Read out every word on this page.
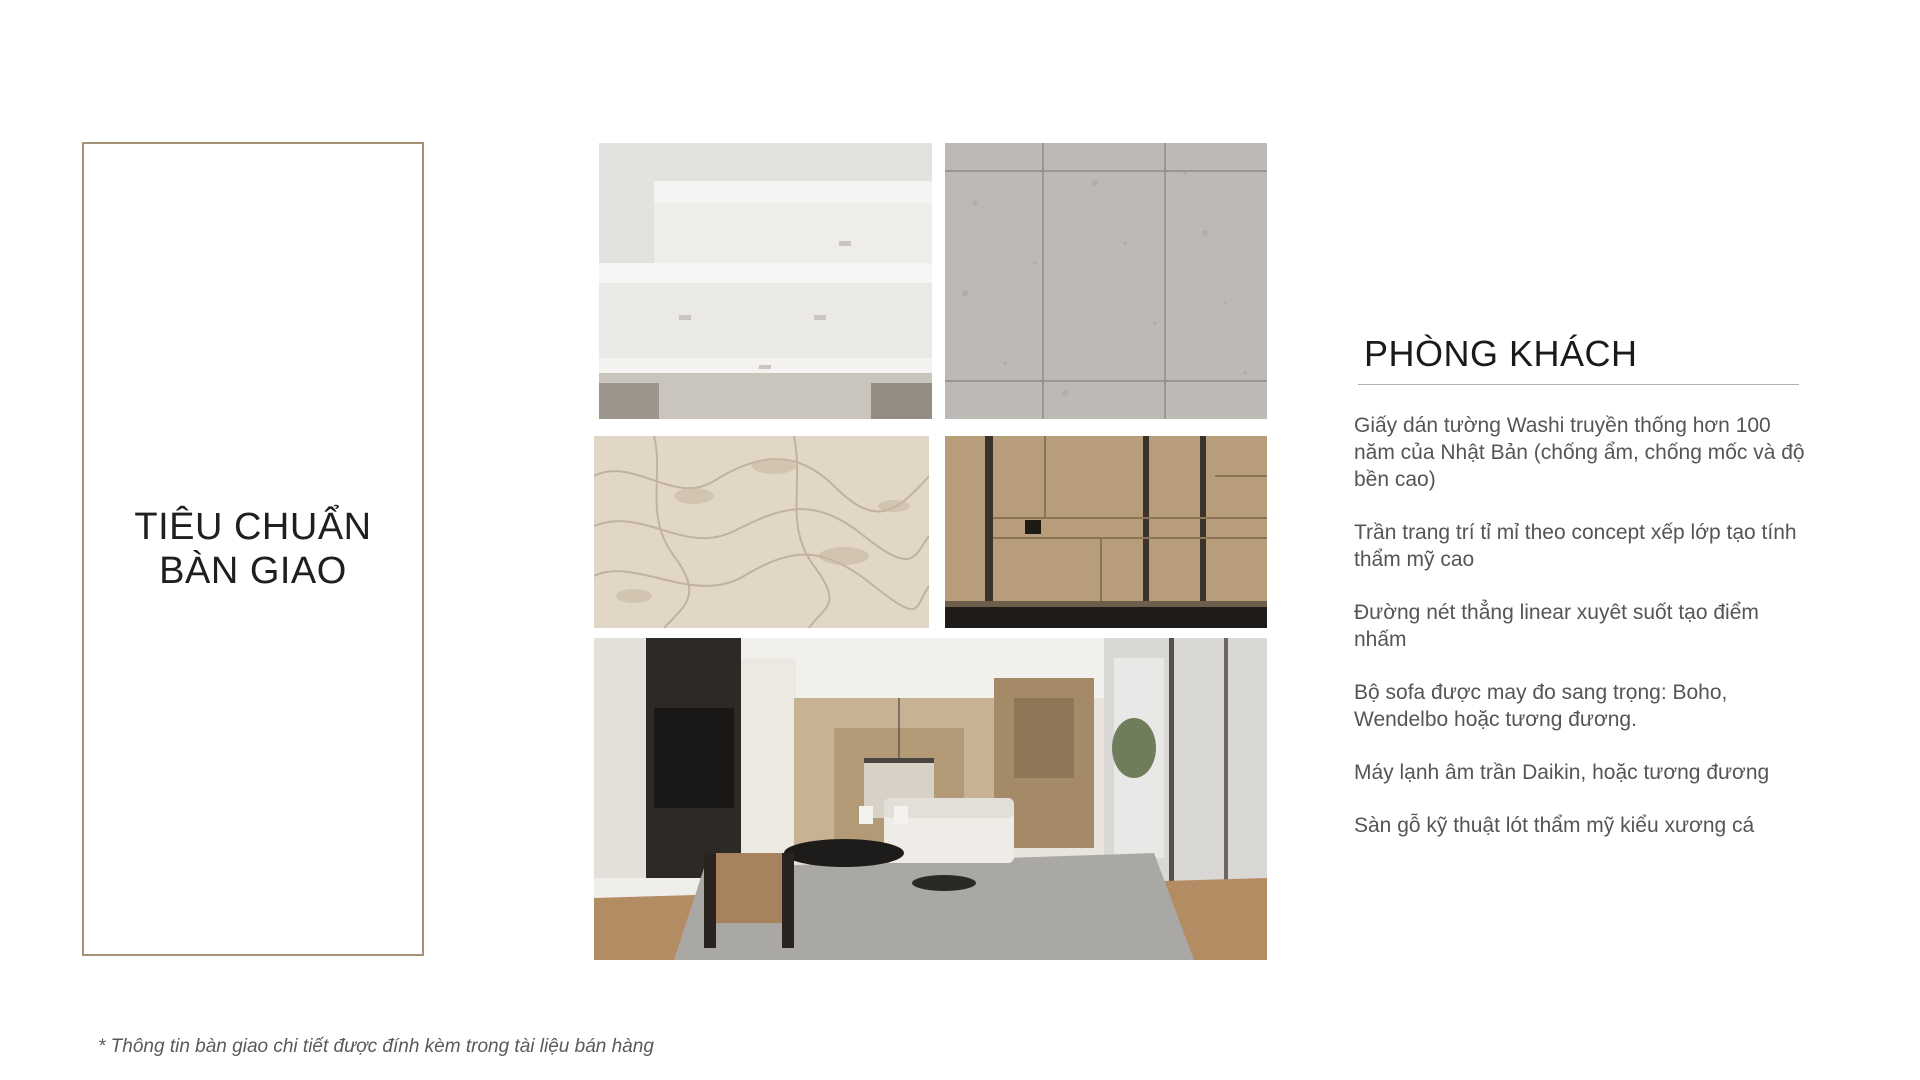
TIÊU CHUẨN
BÀN GIAO
PHÒNG KHÁCH

Giấy dán tường Washi truyền thống hơn 100 năm của Nhật Bản (chống ẩm, chống mốc và độ bền cao)

Trần trang trí tỉ mỉ theo concept xếp lớp tạo tính thẩm mỹ cao

Đường nét thẳng linear xuyêt suốt tạo điểm nhấm

Bộ sofa được may đo sang trọng: Boho, Wendelbo hoặc tương đương.

Máy lạnh âm trần Daikin, hoặc tương đương

Sàn gỗ kỹ thuật lót thẩm mỹ kiểu xương cá

* Thông tin bàn giao chi tiết được đính kèm trong tài liệu bán hàng
